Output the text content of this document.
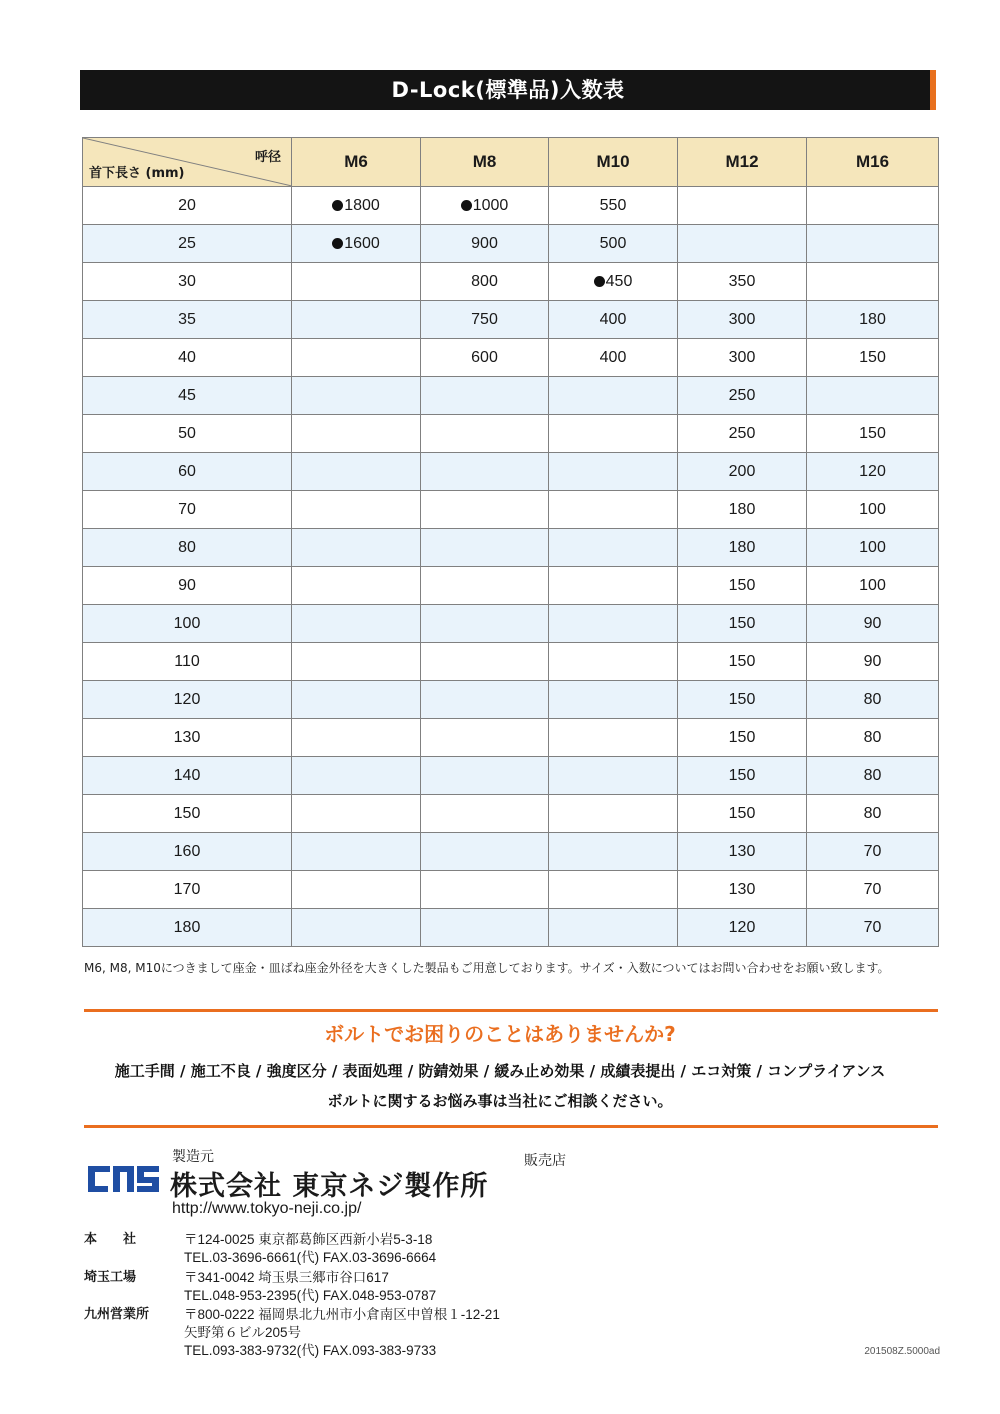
D-Lock(標準品)入数表
呼径
首下長さ (mm)	M6	M8	M10	M12	M16
20	1800	1000	550		
25	1600	900	500		
30		800	450	350	
35		750	400	300	180
40		600	400	300	150
45				250	
50				250	150
60				200	120
70				180	100
80				180	100
90				150	100
100				150	90
110				150	90
120				150	80
130				150	80
140				150	80
150				150	80
160				130	70
170				130	70
180				120	70
M6, M8, M10につきまして座金・皿ばね座金外径を大きくした製品もご用意しております。サイズ・入数についてはお問い合わせをお願い致します。
ボルトでお困りのことはありませんか?
施工手間 / 施工不良 / 強度区分 / 表面処理 / 防錆効果 / 緩み止め効果 / 成績表提出 / エコ対策 / コンプライアンス
ボルトに関するお悩み事は当社にご相談ください。
製造元
株式会社 東京ネジ製作所
http://www.tokyo-neji.co.jp/
販売店
本　　社	〒124-0025 東京都葛飾区西新小岩5-3-18
TEL.03-3696-6661(代) FAX.03-3696-6664
埼玉工場	〒341-0042 埼玉県三郷市谷口617
TEL.048-953-2395(代) FAX.048-953-0787
九州営業所	〒800-0222 福岡県北九州市小倉南区中曽根１-12-21
矢野第６ビル205号
TEL.093-383-9732(代) FAX.093-383-9733	201508Z.5000ad
